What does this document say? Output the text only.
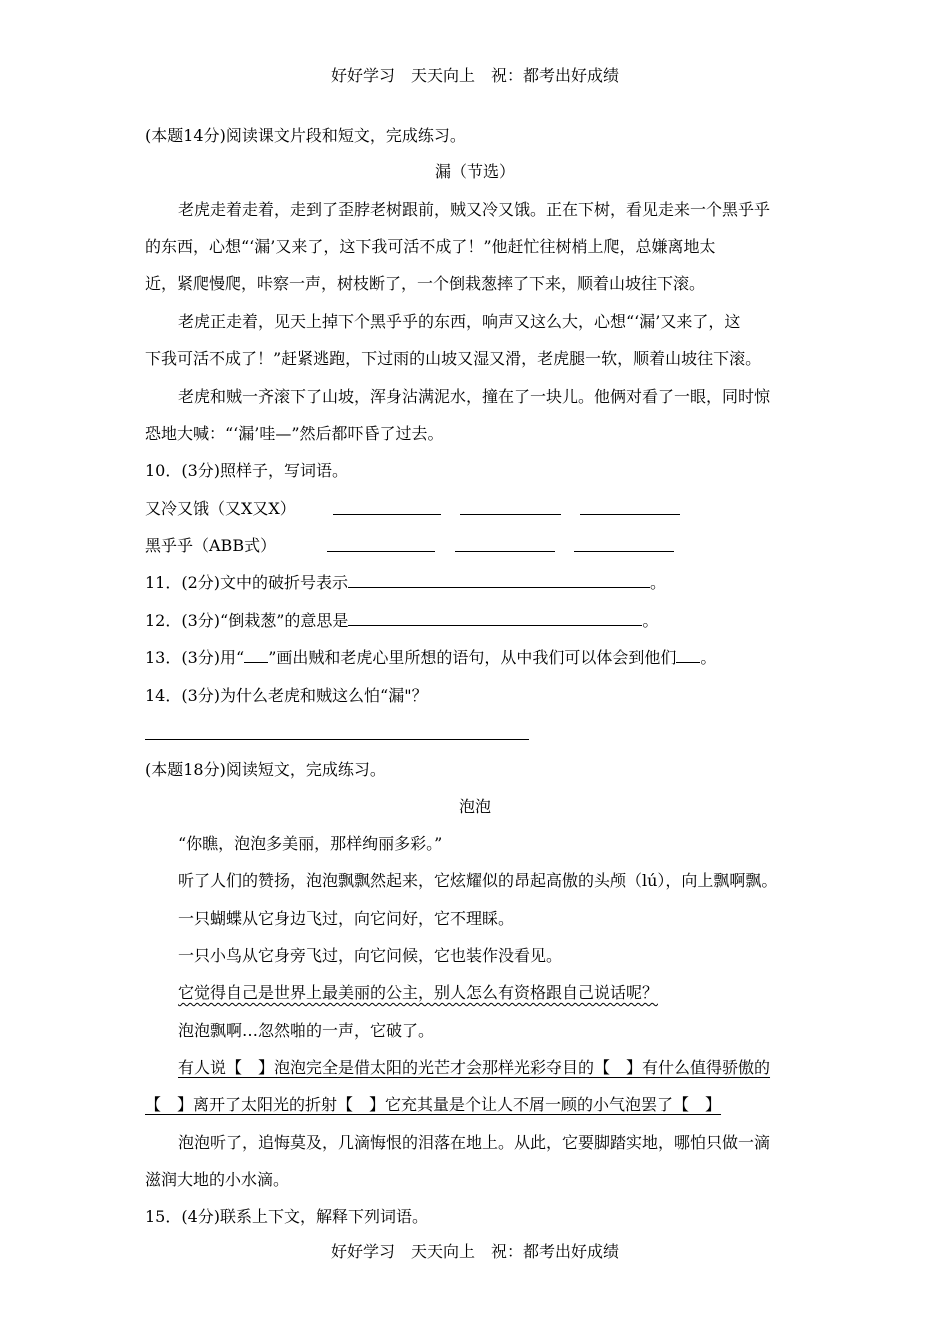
好好学习　天天向上　祝：都考出好成绩
(本题14分)阅读课文片段和短文，完成练习。
漏（节选）
老虎走着走着，走到了歪脖老树跟前，贼又冷又饿。正在下树，看见走来一个黑乎乎
的东西，心想“‘漏’又来了，这下我可活不成了！”他赶忙往树梢上爬，总嫌离地太
近，紧爬慢爬，咔察一声，树枝断了，一个倒栽葱摔了下来，顺着山坡往下滚。
老虎正走着，见天上掉下个黑乎乎的东西，响声又这么大，心想“‘漏’又来了，这
下我可活不成了！”赶紧逃跑，下过雨的山坡又湿又滑，老虎腿一软，顺着山坡往下滚。
老虎和贼一齐滚下了山坡，浑身沾满泥水，撞在了一块儿。他俩对看了一眼，同时惊
恐地大喊：“‘漏’哇—”然后都吓昏了过去。
10．(3分)照样子，写词语。
又冷又饿（又X又X）
黑乎乎（ABB式）
11．(2分)文中的破折号表示	。
12．(3分)“倒栽葱”的意思是	。
13．(3分)用“ ”画出贼和老虎心里所想的语句，从中我们可以体会到他们 。
14．(3分)为什么老虎和贼这么怕“漏"？
(本题18分)阅读短文，完成练习。
泡泡
“你瞧，泡泡多美丽，那样绚丽多彩。”
听了人们的赞扬，泡泡飘飘然起来，它炫耀似的昂起高傲的头颅（lú），向上飘啊飘。
一只蝴蝶从它身边飞过，向它问好，它不理睬。
一只小鸟从它身旁飞过，向它问候，它也装作没看见。
它觉得自己是世界上最美丽的公主，别人怎么有资格跟自己说话呢？
泡泡飘啊…忽然啪的一声，它破了。
有人说【　】泡泡完全是借太阳的光芒才会那样光彩夺目的【　】有什么值得骄傲的
【　】离开了太阳光的折射【　】它充其量是个让人不屑一顾的小气泡罢了【　】
泡泡听了，追悔莫及，几滴悔恨的泪落在地上。从此，它要脚踏实地，哪怕只做一滴
滋润大地的小水滴。
15．(4分)联系上下文，解释下列词语。
好好学习　天天向上　祝：都考出好成绩
